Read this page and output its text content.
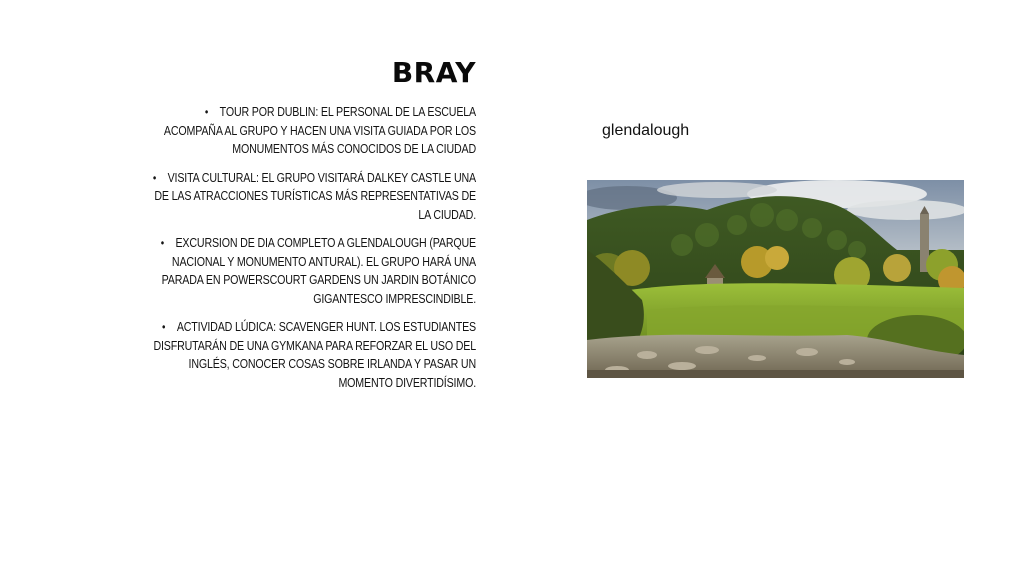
BRAY
• TOUR POR DUBLIN: EL PERSONAL DE LA ESCUELA ACOMPAÑA AL GRUPO Y HACEN UNA VISITA GUIADA POR LOS MONUMENTOS MÁS CONOCIDOS DE LA CIUDAD
• VISITA CULTURAL: EL GRUPO VISITARÁ DALKEY CASTLE UNA DE LAS ATRACCIONES TURÍSTICAS MÁS REPRESENTATIVAS DE LA CIUDAD.
• EXCURSION DE DIA COMPLETO A GLENDALOUGH (PARQUE NACIONAL Y MONUMENTO ANTURAL). EL GRUPO HARÁ UNA PARADA EN POWERSCOURT GARDENS UN JARDIN BOTÁNICO GIGANTESCO IMPRESCINDIBLE.
• ACTIVIDAD LÚDICA: SCAVENGER HUNT. LOS ESTUDIANTES DISFRUTARÁN DE UNA GYMKANA PARA REFORZAR EL USO DEL INGLÉS, CONOCER COSAS SOBRE IRLANDA Y PASAR UN MOMENTO DIVERTIDÍSIMO.
glendalough
